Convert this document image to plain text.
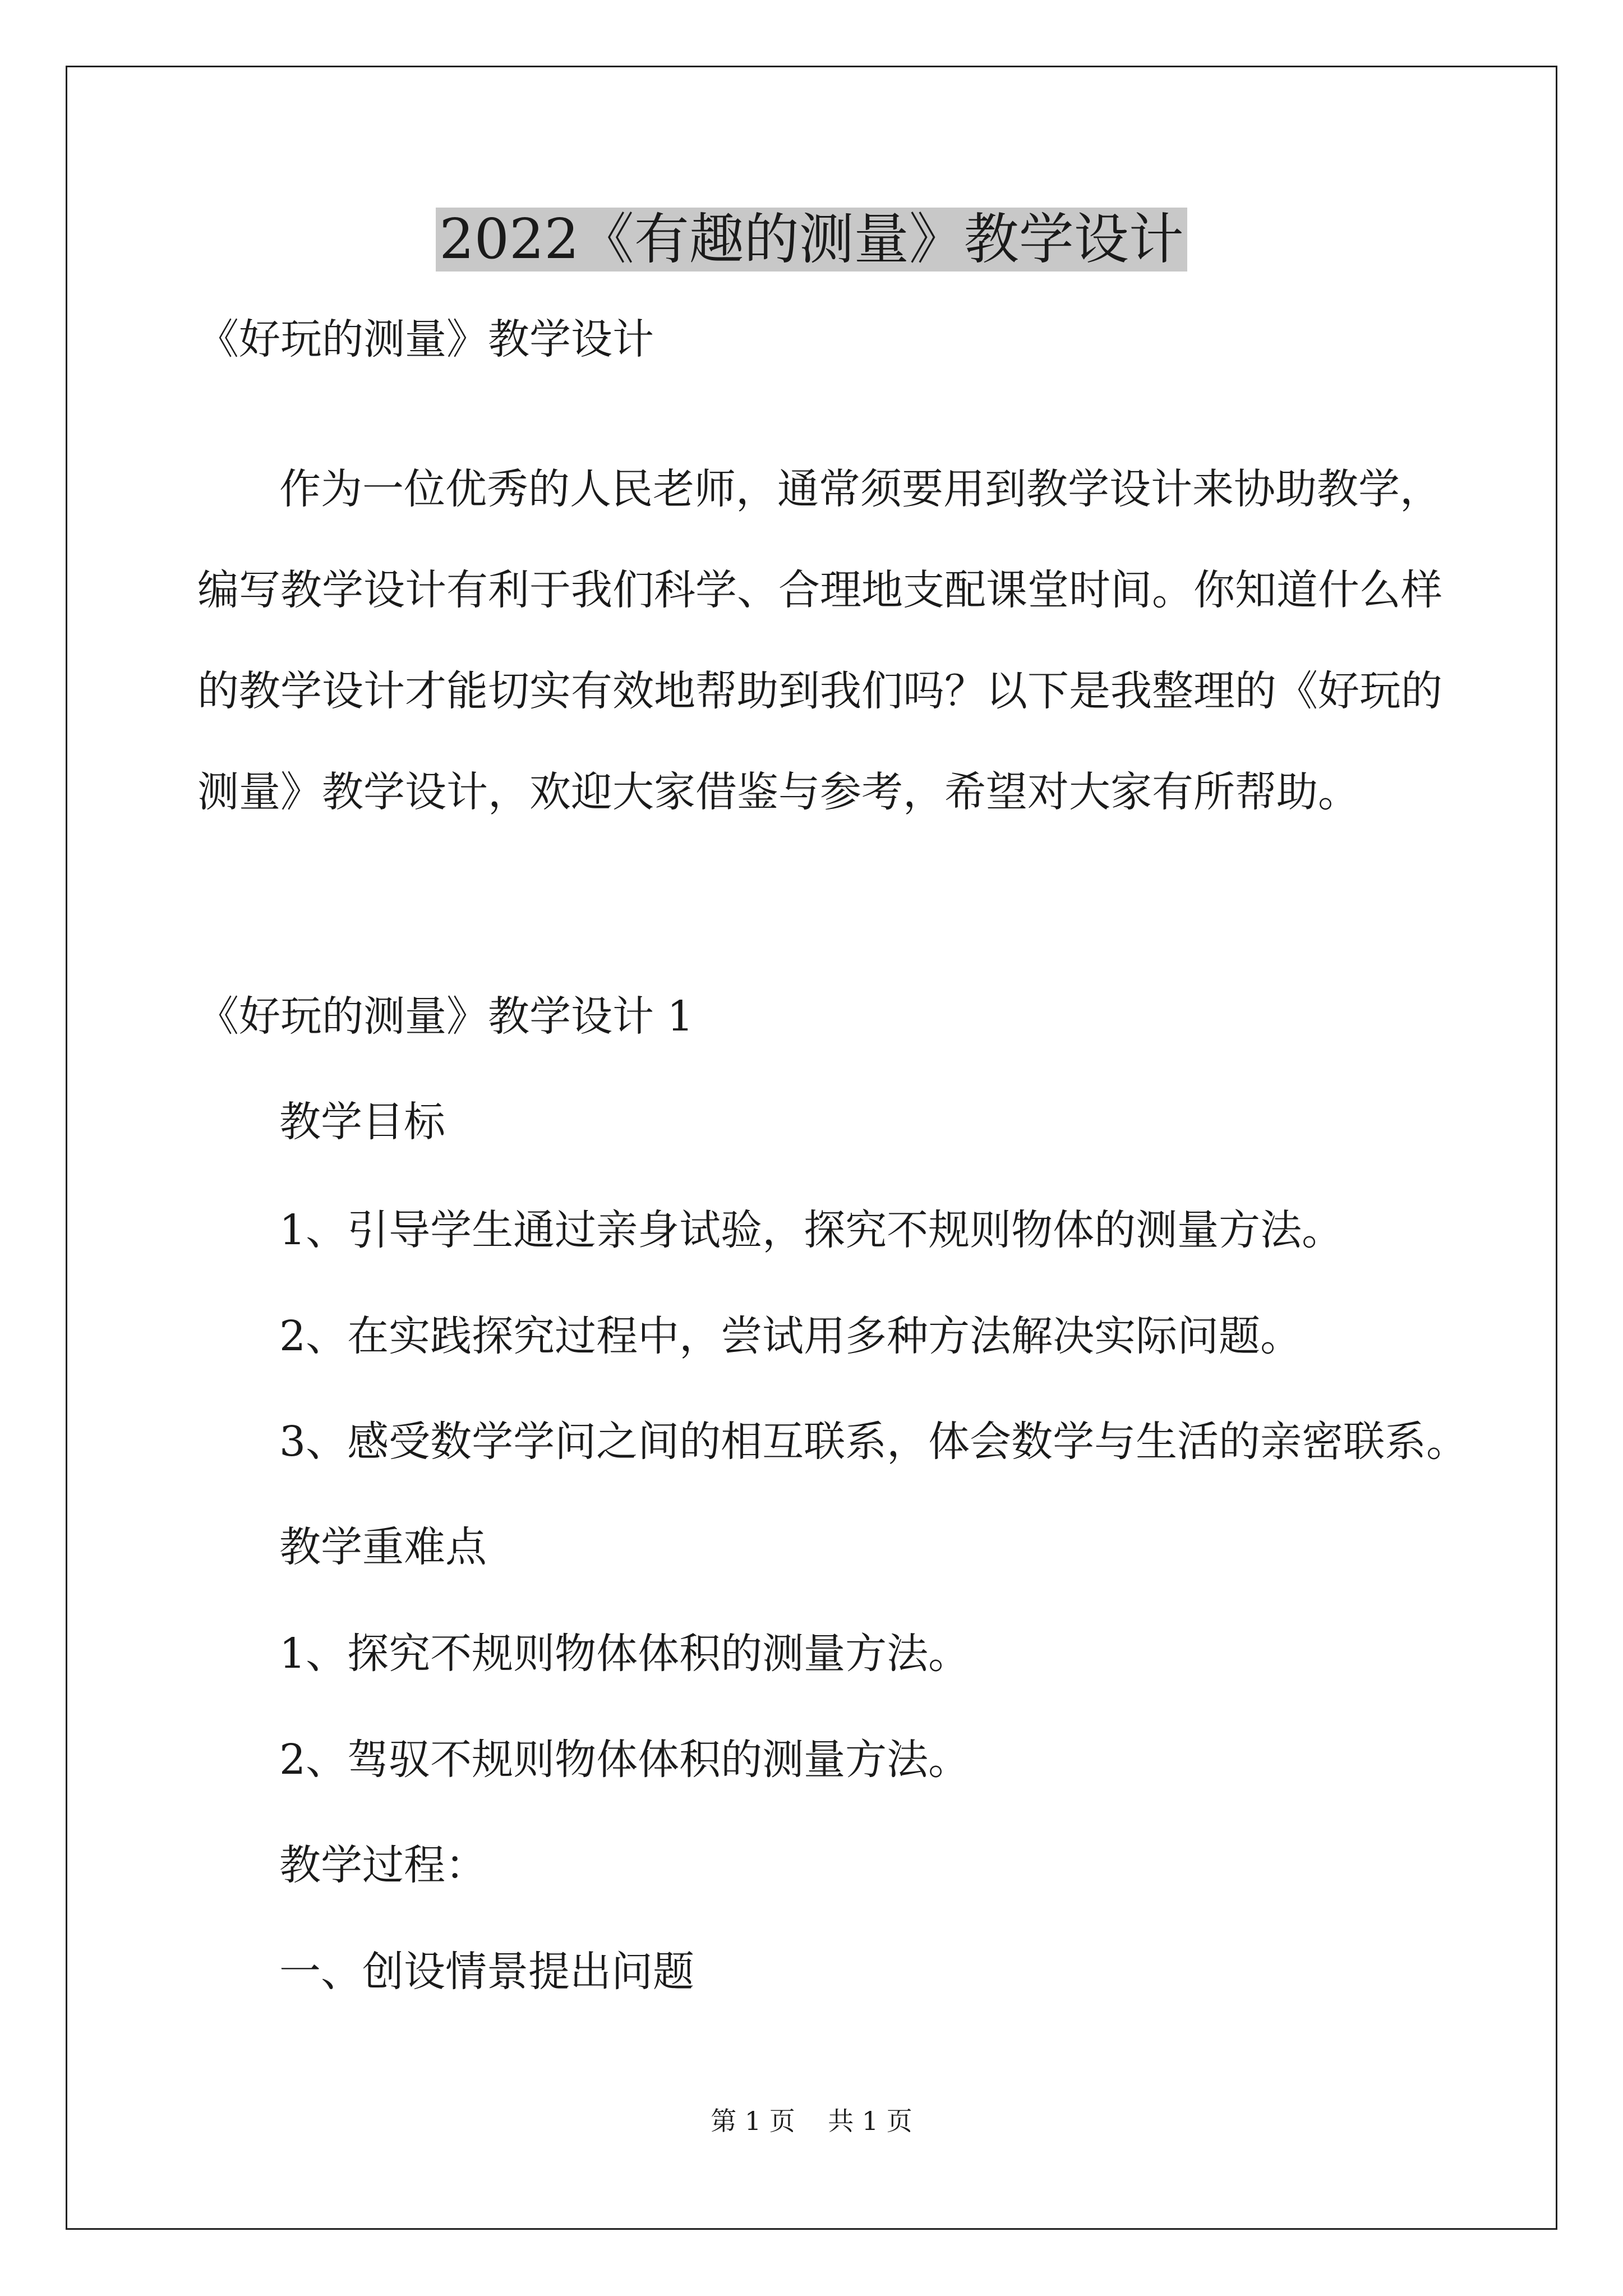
2022《有趣的测量》教学设计
《好玩的测量》教学设计
作为一位优秀的人民老师，通常须要用到教学设计来协助教学，
编写教学设计有利于我们科学、合理地支配课堂时间。你知道什么样
的教学设计才能切实有效地帮助到我们吗？以下是我整理的《好玩的
测量》教学设计，欢迎大家借鉴与参考，希望对大家有所帮助。
《好玩的测量》教学设计 1
教学目标
1、引导学生通过亲身试验，探究不规则物体的测量方法。
2、在实践探究过程中，尝试用多种方法解决实际问题。
3、感受数学学问之间的相互联系，体会数学与生活的亲密联系。
教学重难点
1、探究不规则物体体积的测量方法。
2、驾驭不规则物体体积的测量方法。
教学过程：
一、创设情景提出问题
第 1 页    共 1 页
